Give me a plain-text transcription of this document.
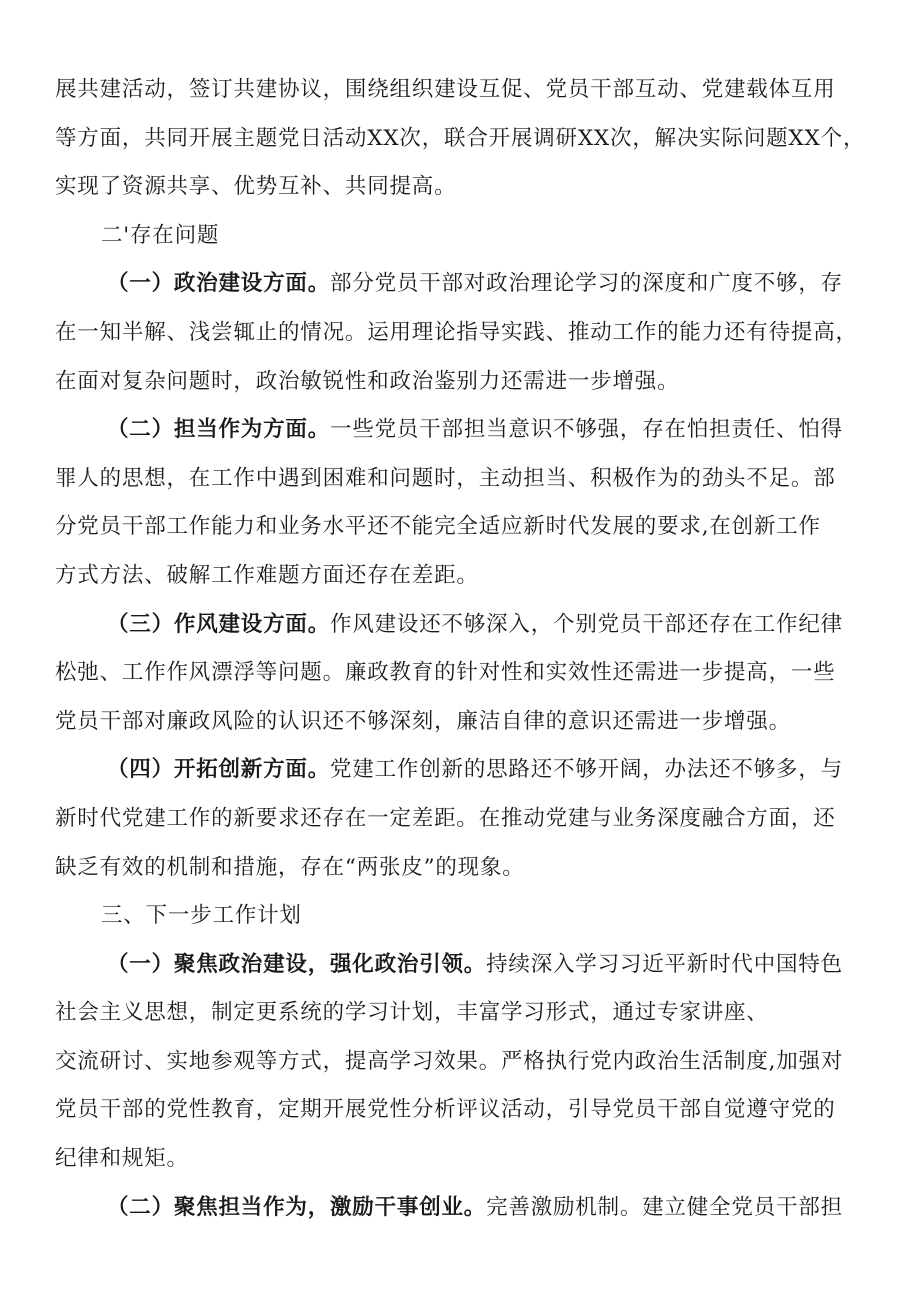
展共建活动，签订共建协议，围绕组织建设互促、党员干部互动、党建载体互用
等方面，共同开展主题党日活动XX次，联合开展调研XX次，解决实际问题XX个，
实现了资源共享、优势互补、共同提高。
二'存在问题
（一）政治建设方面。部分党员干部对政治理论学习的深度和广度不够，存
在一知半解、浅尝辄止的情况。运用理论指导实践、推动工作的能力还有待提高，
在面对复杂问题时，政治敏锐性和政治鉴别力还需进一步增强。
（二）担当作为方面。一些党员干部担当意识不够强，存在怕担责任、怕得
罪人的思想，在工作中遇到困难和问题时，主动担当、积极作为的劲头不足。部
分党员干部工作能力和业务水平还不能完全适应新时代发展的要求,在创新工作
方式方法、破解工作难题方面还存在差距。
（三）作风建设方面。作风建设还不够深入，个别党员干部还存在工作纪律
松弛、工作作风漂浮等问题。廉政教育的针对性和实效性还需进一步提高，一些
党员干部对廉政风险的认识还不够深刻，廉洁自律的意识还需进一步增强。
（四）开拓创新方面。党建工作创新的思路还不够开阔，办法还不够多，与
新时代党建工作的新要求还存在一定差距。在推动党建与业务深度融合方面，还
缺乏有效的机制和措施，存在“两张皮”的现象。
三、下一步工作计划
（一）聚焦政治建设，强化政治引领。持续深入学习习近平新时代中国特色
社会主义思想，制定更系统的学习计划，丰富学习形式，通过专家讲座、
交流研讨、实地参观等方式，提高学习效果。严格执行党内政治生活制度,加强对
党员干部的党性教育，定期开展党性分析评议活动，引导党员干部自觉遵守党的
纪律和规矩。
（二）聚焦担当作为，激励干事创业。完善激励机制。建立健全党员干部担
